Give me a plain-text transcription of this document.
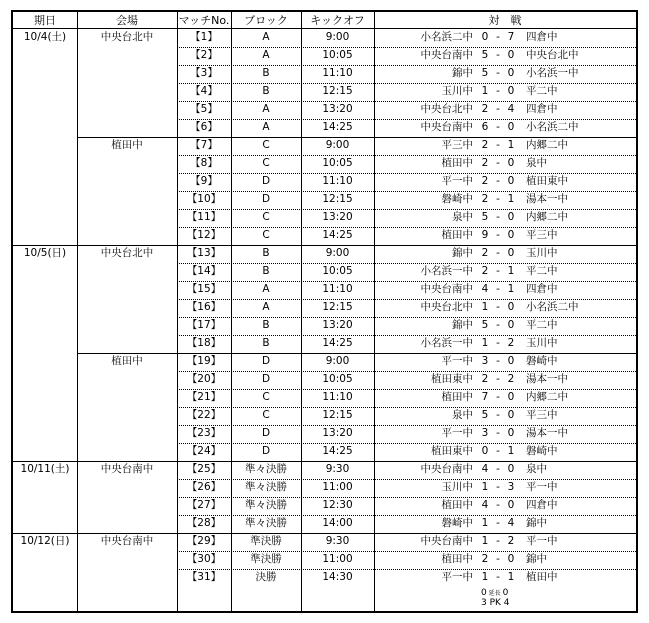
期日	会場	マッチNo.	ブロック	キックオフ	対　戦
10/4(土)	中央台北中	【1】	A	9:00	小名浜二中 0 - 7 四倉中
【2】	A	10:05	中央台南中 5 - 0 中央台北中
【3】	B	11:10	錦中 5 - 0 小名浜一中
【4】	B	12:15	玉川中 1 - 0 平二中
【5】	A	13:20	中央台北中 2 - 4 四倉中
【6】	A	14:25	中央台南中 6 - 0 小名浜二中
植田中	【7】	C	9:00	平三中 2 - 1 内郷二中
【8】	C	10:05	植田中 2 - 0 泉中
【9】	D	11:10	平一中 2 - 0 植田東中
【10】	D	12:15	磐崎中 2 - 1 湯本一中
【11】	C	13:20	泉中 5 - 0 内郷二中
【12】	C	14:25	植田中 9 - 0 平三中
10/5(日)	中央台北中	【13】	B	9:00	錦中 2 - 0 玉川中
【14】	B	10:05	小名浜一中 2 - 1 平二中
【15】	A	11:10	中央台南中 4 - 1 四倉中
【16】	A	12:15	中央台北中 1 - 0 小名浜二中
【17】	B	13:20	錦中 5 - 0 平二中
【18】	B	14:25	小名浜一中 1 - 2 玉川中
植田中	【19】	D	9:00	平一中 3 - 0 磐崎中
【20】	D	10:05	植田東中 2 - 2 湯本一中
【21】	C	11:10	植田中 7 - 0 内郷二中
【22】	C	12:15	泉中 5 - 0 平三中
【23】	D	13:20	平一中 3 - 0 湯本一中
【24】	D	14:25	植田東中 0 - 1 磐崎中
10/11(土)	中央台南中	【25】	準々決勝	9:30	中央台南中 4 - 0 泉中
【26】	準々決勝	11:00	玉川中 1 - 3 平一中
【27】	準々決勝	12:30	植田中 4 - 0 四倉中
【28】	準々決勝	14:00	磐崎中 1 - 4 錦中
10/12(日)	中央台南中	【29】	準決勝	9:30	中央台南中 1 - 2 平一中
【30】	準決勝	11:00	植田中 2 - 0 錦中
【31】	決勝	14:30	平一中 1 - 1 植田中
0 延長 0
3 PK 4
